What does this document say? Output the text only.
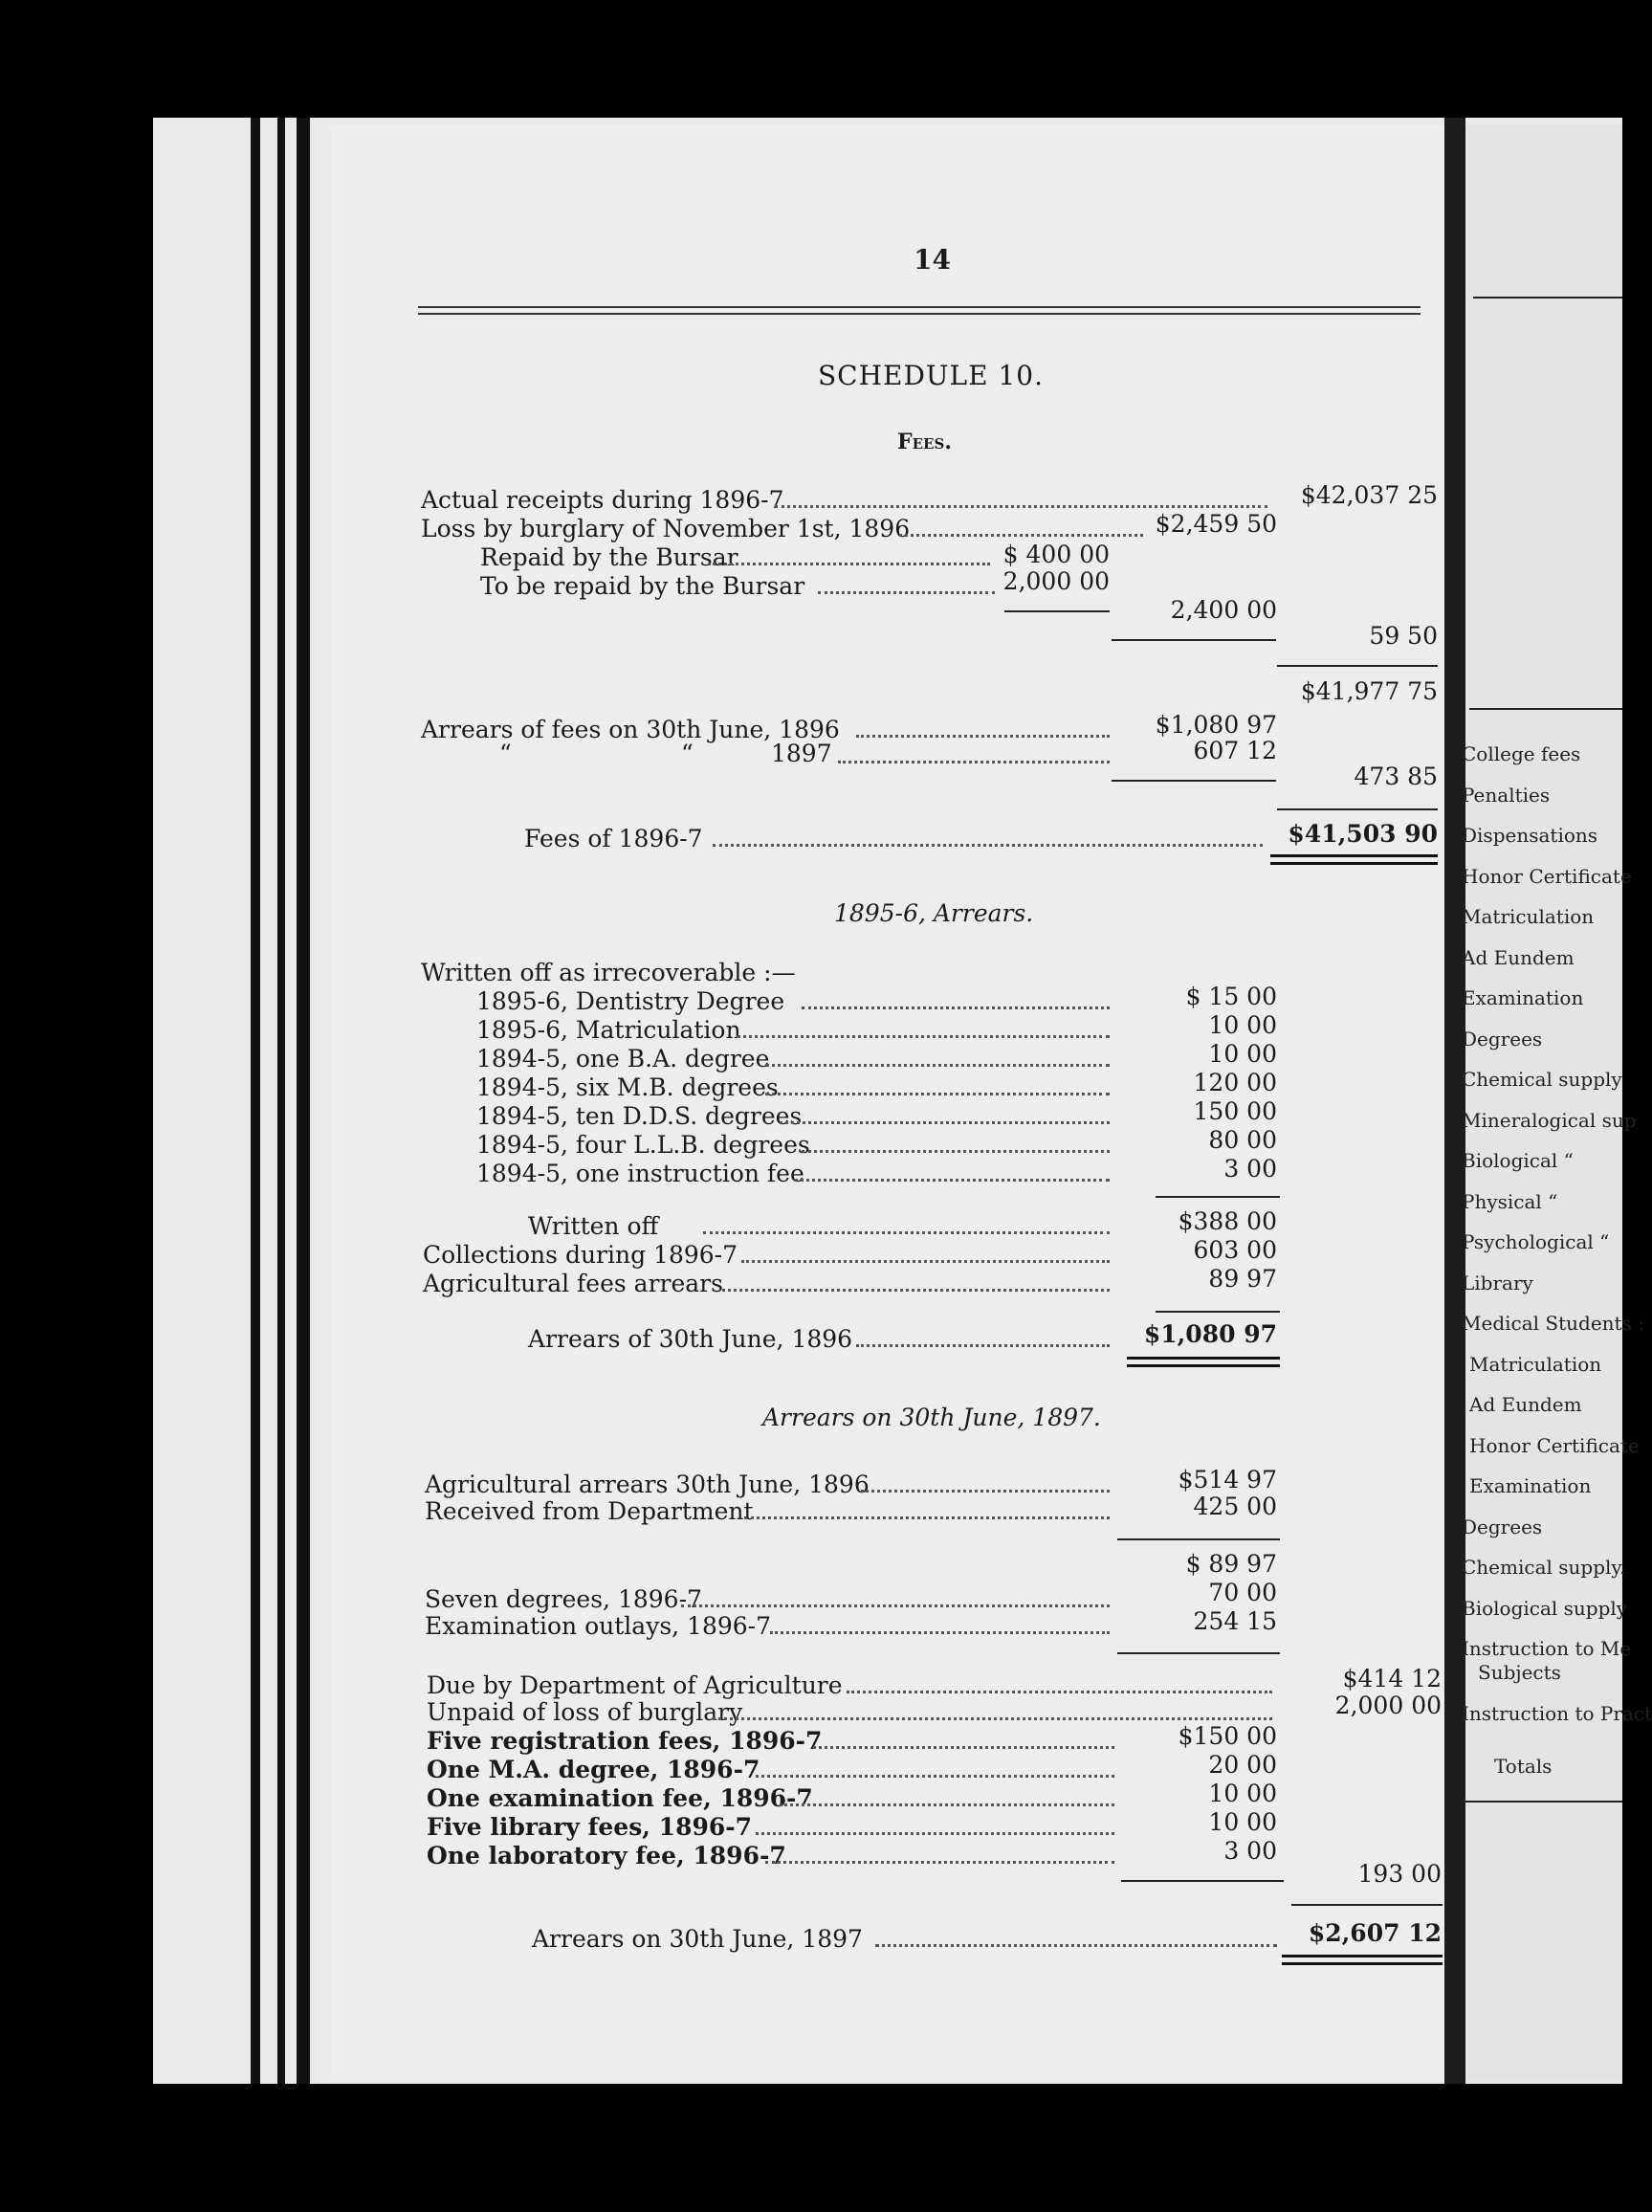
14
SCHEDULE 10.
Fees.
Actual receipts during 1896-7	$42,037 25
Loss by burglary of November 1st, 1896	$2,459 50
Repaid by the Bursar	$ 400 00
To be repaid by the Bursar	2,000 00
2,400 00
59 50
$41,977 75
Arrears of fees on 30th June, 1896	$1,080 97
“	“	1897	607 12
473 85
Fees of 1896-7	$41,503 90
1895-6, Arrears.
Written off as irrecoverable :—
1895-6, Dentistry Degree	$ 15 00
1895-6, Matriculation	10 00
1894-5, one B.A. degree	10 00
1894-5, six M.B. degrees	120 00
1894-5, ten D.D.S. degrees	150 00
1894-5, four L.L.B. degrees	80 00
1894-5, one instruction fee	3 00
Written off	$388 00
Collections during 1896-7	603 00
Agricultural fees arrears	89 97
Arrears of 30th June, 1896	$1,080 97
Arrears on 30th June, 1897.
Agricultural arrears 30th June, 1896	$514 97
Received from Department	425 00
$ 89 97
Seven degrees, 1896-7	70 00
Examination outlays, 1896-7	254 15
Due by Department of Agriculture	$414 12
Unpaid of loss of burglary	2,000 00
Five registration fees, 1896-7	$150 00
One M.A. degree, 1896-7	20 00
One examination fee, 1896-7	10 00
Five library fees, 1896-7	10 00
One laboratory fee, 1896-7	3 00
193 00
Arrears on 30th June, 1897	$2,607 12
College fees
Penalties
Dispensations
Honor Certificate
Matriculation
Ad Eundem
Examination
Degrees
Chemical supply
Mineralogical sup
Biological “
Physical “
Psychological “
Library
Medical Students :
Matriculation
Ad Eundem
Honor Certificate
Examination
Degrees
Chemical supply.
Biological supply
Instruction to Me
Subjects
Instruction to Pract
Totals
